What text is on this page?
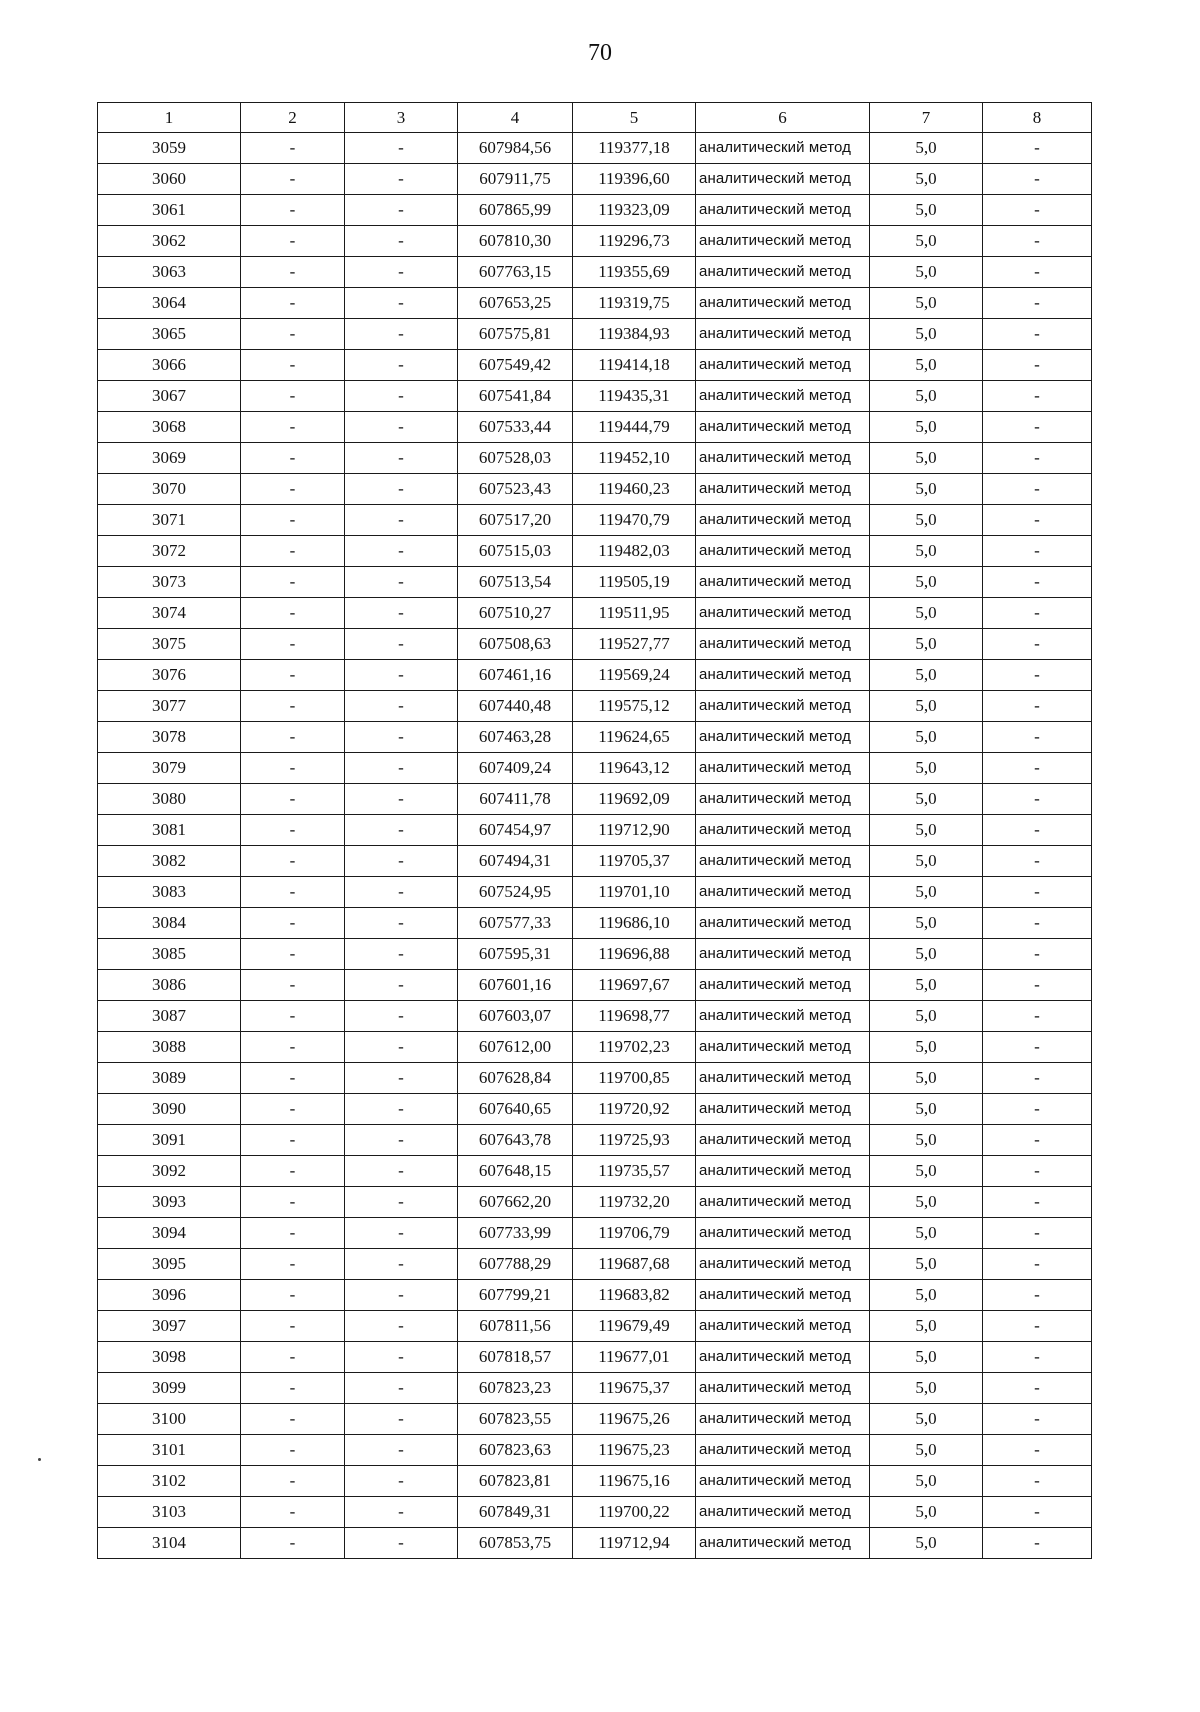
70
1	2	3	4	5	6	7	8
3059	-	-	607984,56	119377,18	аналитический метод	5,0	-
3060	-	-	607911,75	119396,60	аналитический метод	5,0	-
3061	-	-	607865,99	119323,09	аналитический метод	5,0	-
3062	-	-	607810,30	119296,73	аналитический метод	5,0	-
3063	-	-	607763,15	119355,69	аналитический метод	5,0	-
3064	-	-	607653,25	119319,75	аналитический метод	5,0	-
3065	-	-	607575,81	119384,93	аналитический метод	5,0	-
3066	-	-	607549,42	119414,18	аналитический метод	5,0	-
3067	-	-	607541,84	119435,31	аналитический метод	5,0	-
3068	-	-	607533,44	119444,79	аналитический метод	5,0	-
3069	-	-	607528,03	119452,10	аналитический метод	5,0	-
3070	-	-	607523,43	119460,23	аналитический метод	5,0	-
3071	-	-	607517,20	119470,79	аналитический метод	5,0	-
3072	-	-	607515,03	119482,03	аналитический метод	5,0	-
3073	-	-	607513,54	119505,19	аналитический метод	5,0	-
3074	-	-	607510,27	119511,95	аналитический метод	5,0	-
3075	-	-	607508,63	119527,77	аналитический метод	5,0	-
3076	-	-	607461,16	119569,24	аналитический метод	5,0	-
3077	-	-	607440,48	119575,12	аналитический метод	5,0	-
3078	-	-	607463,28	119624,65	аналитический метод	5,0	-
3079	-	-	607409,24	119643,12	аналитический метод	5,0	-
3080	-	-	607411,78	119692,09	аналитический метод	5,0	-
3081	-	-	607454,97	119712,90	аналитический метод	5,0	-
3082	-	-	607494,31	119705,37	аналитический метод	5,0	-
3083	-	-	607524,95	119701,10	аналитический метод	5,0	-
3084	-	-	607577,33	119686,10	аналитический метод	5,0	-
3085	-	-	607595,31	119696,88	аналитический метод	5,0	-
3086	-	-	607601,16	119697,67	аналитический метод	5,0	-
3087	-	-	607603,07	119698,77	аналитический метод	5,0	-
3088	-	-	607612,00	119702,23	аналитический метод	5,0	-
3089	-	-	607628,84	119700,85	аналитический метод	5,0	-
3090	-	-	607640,65	119720,92	аналитический метод	5,0	-
3091	-	-	607643,78	119725,93	аналитический метод	5,0	-
3092	-	-	607648,15	119735,57	аналитический метод	5,0	-
3093	-	-	607662,20	119732,20	аналитический метод	5,0	-
3094	-	-	607733,99	119706,79	аналитический метод	5,0	-
3095	-	-	607788,29	119687,68	аналитический метод	5,0	-
3096	-	-	607799,21	119683,82	аналитический метод	5,0	-
3097	-	-	607811,56	119679,49	аналитический метод	5,0	-
3098	-	-	607818,57	119677,01	аналитический метод	5,0	-
3099	-	-	607823,23	119675,37	аналитический метод	5,0	-
3100	-	-	607823,55	119675,26	аналитический метод	5,0	-
3101	-	-	607823,63	119675,23	аналитический метод	5,0	-
3102	-	-	607823,81	119675,16	аналитический метод	5,0	-
3103	-	-	607849,31	119700,22	аналитический метод	5,0	-
3104	-	-	607853,75	119712,94	аналитический метод	5,0	-
